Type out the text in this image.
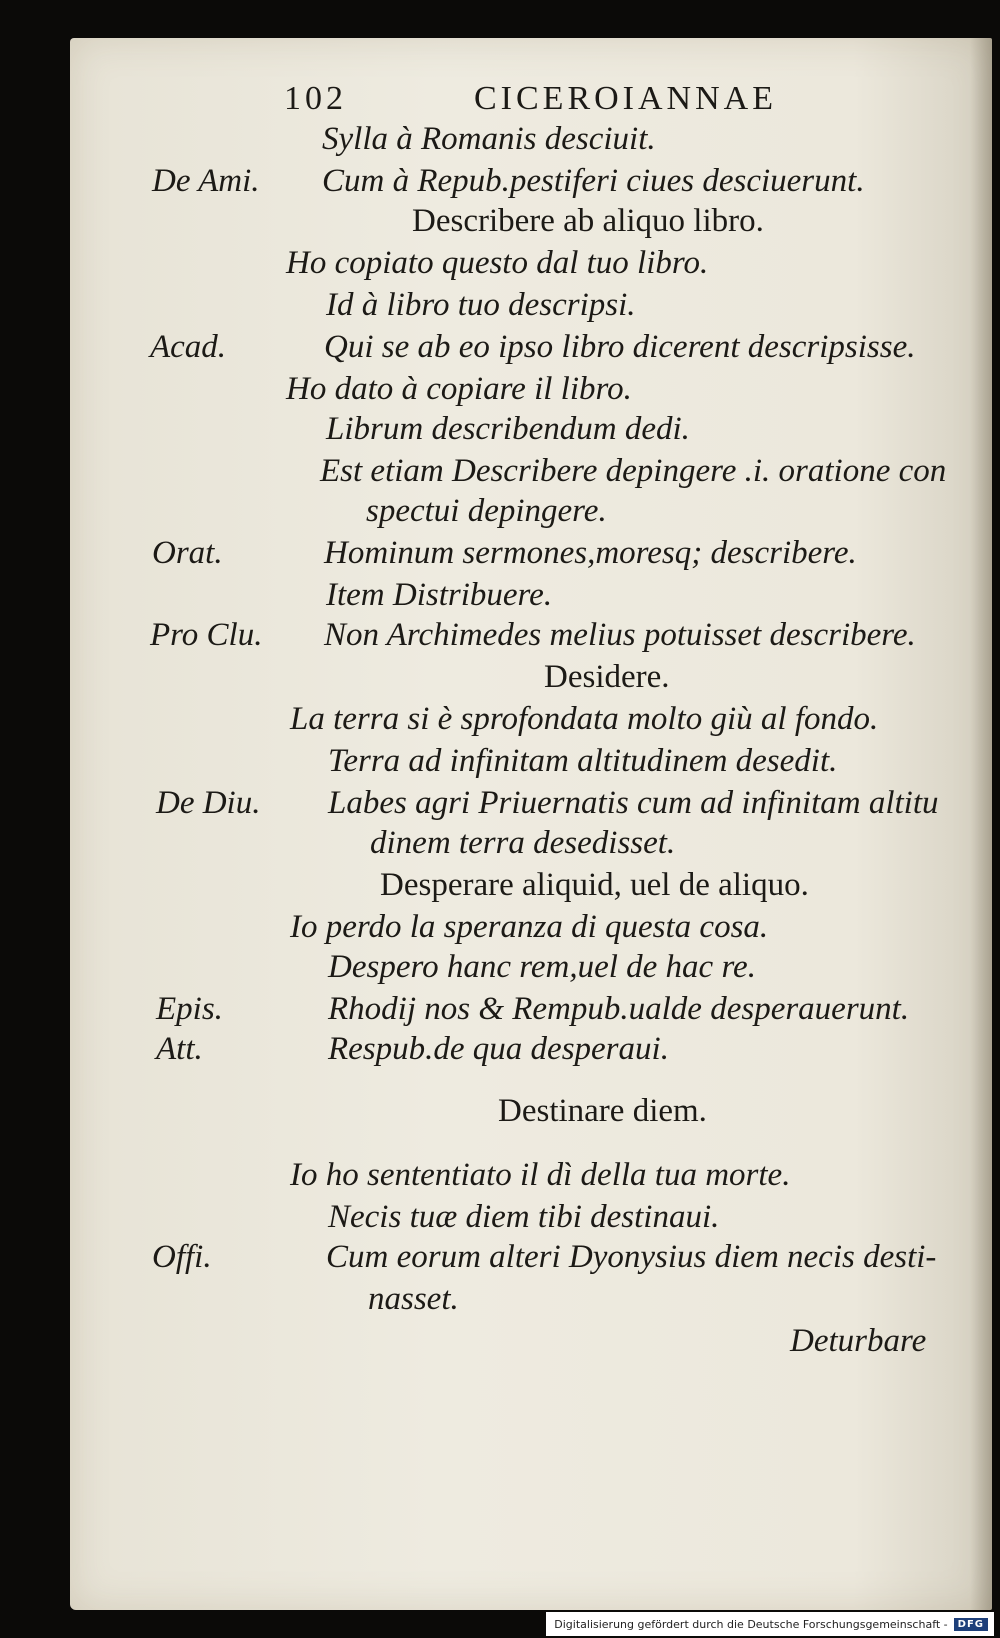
102	CICEROIANNAE
Sylla à Romanis desciuit.
De Ami. Cum à Repub.pestiferi ciues desciuerunt.
Describere ab aliquo libro.
Ho copiato questo dal tuo libro.
Id à libro tuo descripsi.
Acad.	Qui se ab eo ipso libro dicerent descripsisse.
Ho dato à copiare il libro.
Librum describendum dedi.
Est etiam Describere depingere .i. oratione con
spectui depingere.
Orat.	Hominum sermones,moresq; describere.
Item Distribuere.
Pro Clu. Non Archimedes melius potuisset describere.
Desidere.
La terra si è sprofondata molto giù al fondo.
Terra ad infinitam altitudinem desedit.
De Diu. Labes agri Priuernatis cum ad infinitam altitu
dinem terra desedisset.
Desperare aliquid, uel de aliquo.
Io perdo la speranza di questa cosa.
Despero hanc rem,uel de hac re.
Epis.	Rhodij nos & Rempub.ualde desperauerunt.
Att.	Respub.de qua desperaui.
Destinare diem.
Io ho sententiato il dì della tua morte.
Necis tuæ diem tibi destinaui.
Offi.	Cum eorum alteri Dyonysius diem necis desti-
nasset.
Deturbare
Digitalisierung gefördert durch die Deutsche Forschungsgemeinschaft -	DFG
